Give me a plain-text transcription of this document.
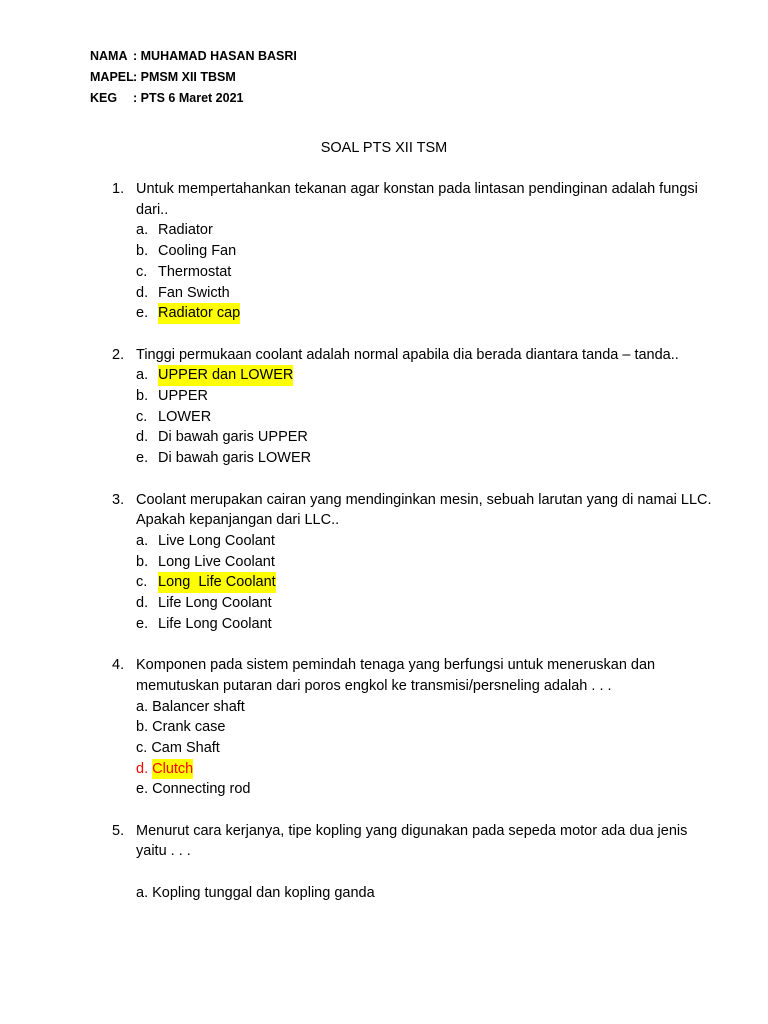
NAMA : MUHAMAD HASAN BASRI
MAPEL : PMSM XII TBSM
KEG	: PTS 6 Maret 2021
SOAL PTS XII TSM
1. Untuk mempertahankan tekanan agar konstan pada lintasan pendinginan adalah fungsi dari..
a. Radiator
b. Cooling Fan
c. Thermostat
d. Fan Swicth
e. Radiator cap
2. Tinggi permukaan coolant adalah normal apabila dia berada diantara tanda – tanda..
a. UPPER dan LOWER
b. UPPER
c. LOWER
d. Di bawah garis UPPER
e. Di bawah garis LOWER
3. Coolant merupakan cairan yang mendinginkan mesin, sebuah larutan yang di namai LLC. Apakah kepanjangan dari LLC..
a. Live Long Coolant
b. Long Live Coolant
c. Long  Life Coolant
d. Life Long Coolant
e. Life Long Coolant
4. Komponen pada sistem pemindah tenaga yang berfungsi untuk meneruskan dan memutuskan putaran dari poros engkol ke transmisi/persneling adalah . . .
a.
Balancer shaft
b.
Crank case
c.
Cam Shaft
d.
Clutch
e.
Connecting rod
5. Menurut cara kerjanya, tipe kopling yang digunakan pada sepeda motor ada dua jenis yaitu . . .
a.
Kopling tunggal dan kopling ganda
